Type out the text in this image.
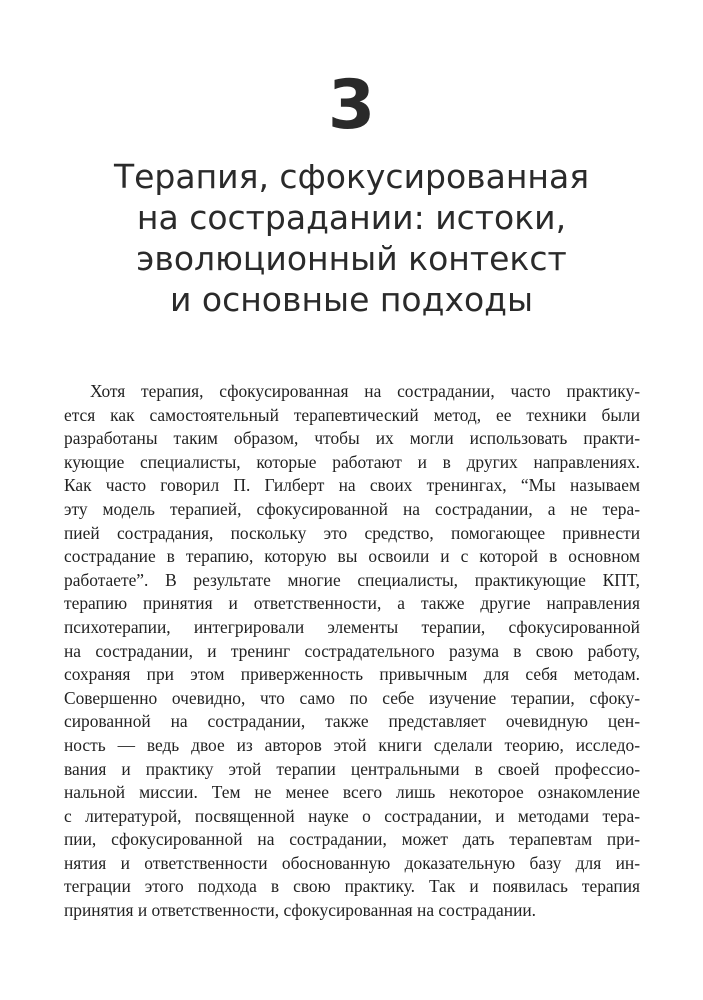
3
Терапия, сфокусированная
на сострадании: истоки,
эволюционный контекст
и основные подходы
Хотя терапия, сфокусированная на сострадании, часто практику-
ется как самостоятельный терапевтический метод, ее техники были
разработаны таким образом, чтобы их могли использовать практи-
кующие специалисты, которые работают и в других направлениях.
Как часто говорил П. Гилберт на своих тренингах, “Мы называем
эту модель терапией, сфокусированной на сострадании, а не тера-
пией сострадания, поскольку это средство, помогающее привнести
сострадание в терапию, которую вы освоили и с которой в основном
работаете”. В результате многие специалисты, практикующие КПТ,
терапию принятия и ответственности, а также другие направления
психотерапии, интегрировали элементы терапии, сфокусированной
на сострадании, и тренинг сострадательного разума в свою работу,
сохраняя при этом приверженность привычным для себя методам.
Совершенно очевидно, что само по себе изучение терапии, сфоку-
сированной на сострадании, также представляет очевидную цен-
ность — ведь двое из авторов этой книги сделали теорию, исследо-
вания и практику этой терапии центральными в своей профессио-
нальной миссии. Тем не менее всего лишь некоторое ознакомление
с литературой, посвященной науке о сострадании, и методами тера-
пии, сфокусированной на сострадании, может дать терапевтам при-
нятия и ответственности обоснованную доказательную базу для ин-
теграции этого подхода в свою практику. Так и появилась терапия
принятия и ответственности, сфокусированная на сострадании.
